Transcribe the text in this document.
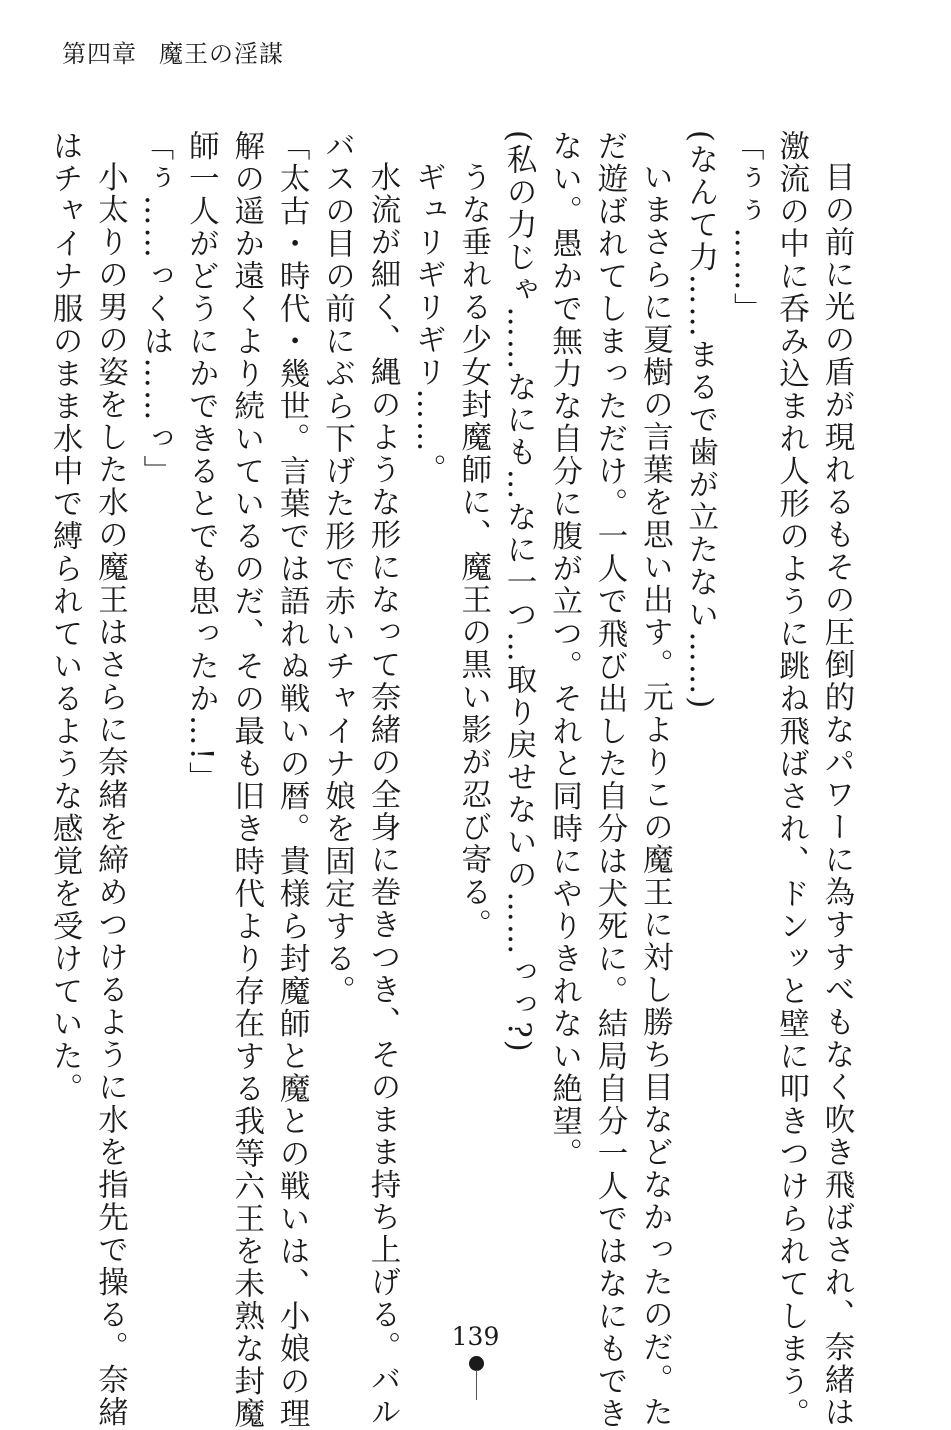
第四章 魔王の淫謀
目の前に光の盾が現れるもその圧倒的なパワーに為すすべもなく吹き飛ばされ、奈緒は
激流の中に呑み込まれ人形のように跳ね飛ばされ、ドンッと壁に叩きつけられてしまう。
「ぅぅ……」
(なんて力……まるで歯が立たない……)
いまさらに夏樹の言葉を思い出す。元よりこの魔王に対し勝ち目などなかったのだ。た
だ遊ばれてしまっただけ。一人で飛び出した自分は犬死に。結局自分一人ではなにもでき
ない。愚かで無力な自分に腹が立つ。それと同時にやりきれない絶望。
(私の力じゃ……なにも…なに一つ…取り戻せないの……っっ?)
うな垂れる少女封魔師に、魔王の黒い影が忍び寄る。
ギュリギリギリ……。
水流が細く、縄のような形になって奈緒の全身に巻きつき、そのまま持ち上げる。バル
バスの目の前にぶら下げた形で赤いチャイナ娘を固定する。
「太古・時代・幾世。言葉では語れぬ戦いの暦。貴様ら封魔師と魔との戦いは、小娘の理
解の遥か遠くより続いているのだ、その最も旧き時代より存在する我等六王を未熟な封魔
師一人がどうにかできるとでも思ったか…!」
「ぅ……っくは……っ」
小太りの男の姿をした水の魔王はさらに奈緒を締めつけるように水を指先で操る。奈緒
はチャイナ服のまま水中で縛られているような感覚を受けていた。
139
